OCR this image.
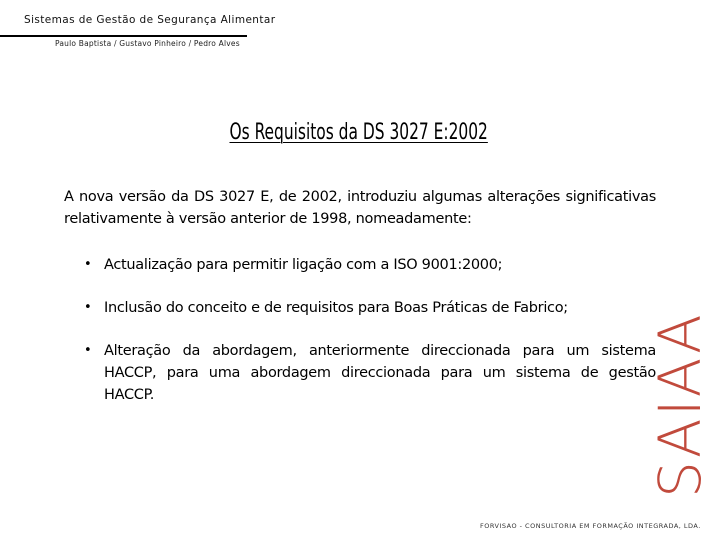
Sistemas de Gestão de Segurança Alimentar
Paulo Baptista / Gustavo Pinheiro / Pedro Alves
Os Requisitos da DS 3027 E:2002

A nova versão da DS 3027 E, de 2002, introduziu algumas alterações significativas relativamente à versão anterior de 1998, nomeadamente:

• Actualização para permitir ligação com a ISO 9001:2000;
• Inclusão do conceito e de requisitos para Boas Práticas de Fabrico;
• Alteração da abordagem, anteriormente direccionada para um sistema HACCP, para uma abordagem direccionada para um sistema de gestão HACCP.	SAIAA
FORVISAO - CONSULTORIA EM FORMAÇÃO INTEGRADA, LDA.
